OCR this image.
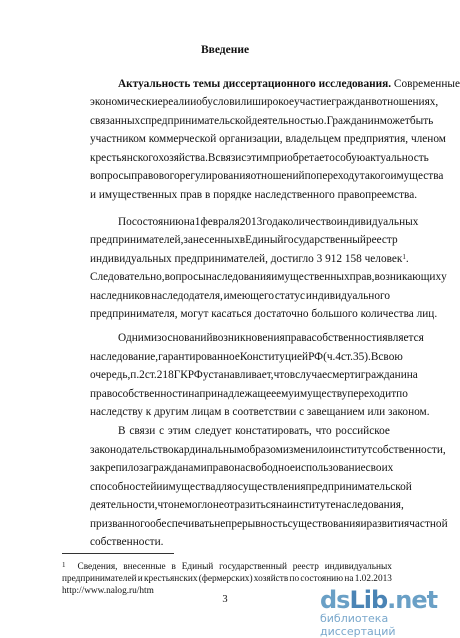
Введение
Актуальность темы диссертационного исследования. Современные
экономические реалии обусловили широкое участие граждан в отношениях,
связанных с предпринимательской деятельностью. Гражданин может быть
участником коммерческой организации, владельцем предприятия, членом
крестьянского хозяйства. В связи с этим приобретает особую актуальность
вопросы правового регулирования отношений по переходу такого имущества
и имущественных прав в порядке наследственного правопреемства.
По состоянию на 1 февраля 2013 года количество индивидуальных
предпринимателей, занесенных в Единый государственный реестр
индивидуальных предпринимателей, достигло 3 912 158 человек$^1$.
Следовательно, вопросы наследования имущественных прав, возникающих у
наследников наследодателя, имеющего статус индивидуального
предпринимателя, могут касаться достаточно большого количества лиц.
Одним из оснований возникновения права собственности является
наследование, гарантированное Конституцией РФ (ч. 4 ст. 35). В свою
очередь, п. 2 ст. 218 ГК РФ устанавливает, что в случае смерти гражданина
право собственности на принадлежащее ему имуществу переходит по
наследству к другим лицам в соответствии с завещанием или законом.
В связи с этим следует констатировать, что российское
законодательство кардинальным образом изменило институт собственности,
закрепило за гражданами право на свободное использование своих
способностей и имущества для осуществления предпринимательской
деятельности, что не могло не отразиться на институте наследования,
призванного обеспечивать непрерывность существования и развития частной
собственности.
$^1$ Сведения, внесенные в Единый государственный реестр индивидуальных
предпринимателей и крестьянских (фермерских) хозяйств по состоянию на 1.02.2013
http://www.nalog.ru/htm
3	ds Lib .net
библиотека диссертаций
